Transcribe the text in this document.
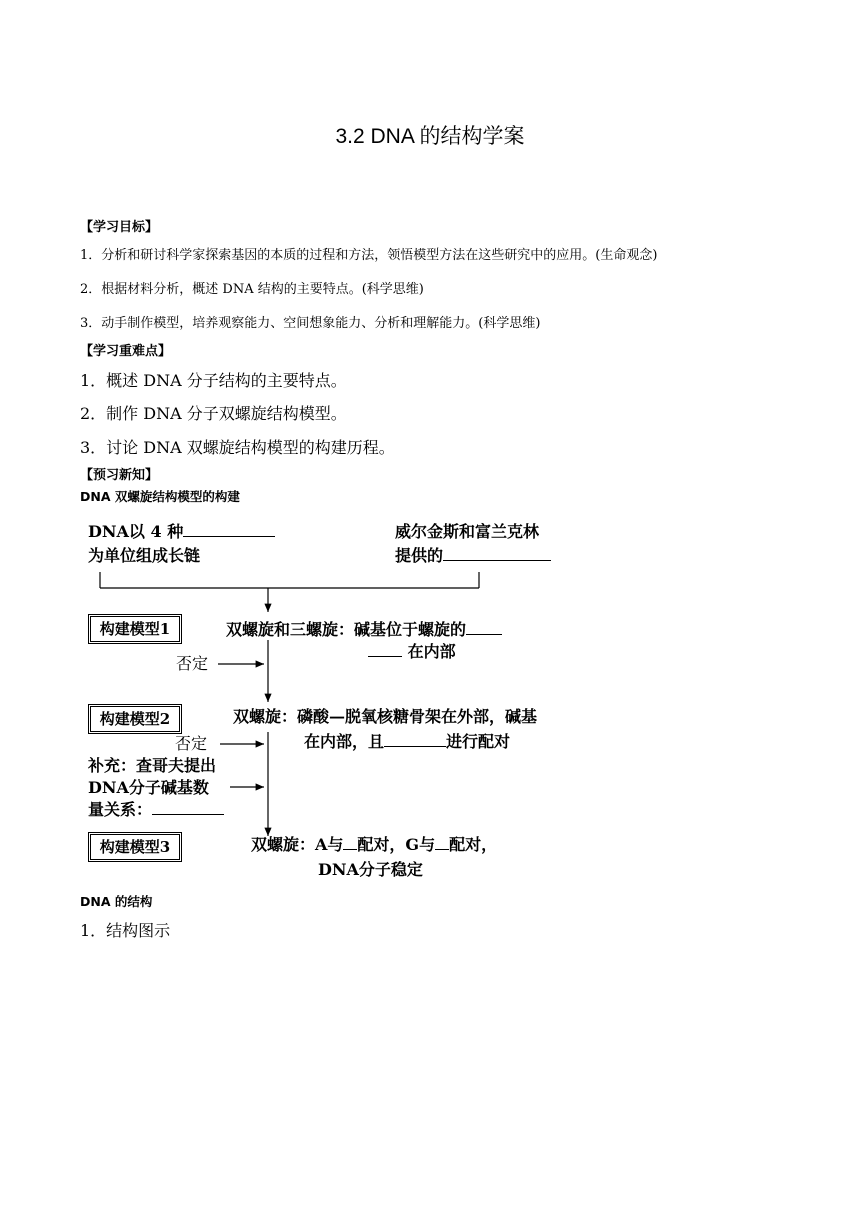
3.2 DNA 的结构学案
【学习目标】
1．分析和研讨科学家探索基因的本质的过程和方法，领悟模型方法在这些研究中的应用。(生命观念)
2．根据材料分析，概述 DNA 结构的主要特点。(科学思维)
3．动手制作模型，培养观察能力、空间想象能力、分析和理解能力。(科学思维)
【学习重难点】
1．概述 DNA 分子结构的主要特点。
2．制作 DNA 分子双螺旋结构模型。
3．讨论 DNA 双螺旋结构模型的构建历程。
【预习新知】
DNA 双螺旋结构模型的构建
DNA以 4 种
为单位组成长链
威尔金斯和富兰克林
提供的
构建模型1	双螺旋和三螺旋：碱基位于螺旋的
在内部
否定
构建模型2	双螺旋：磷酸—脱氧核糖骨架在外部，碱基
在内部，且	进行配对
否定
补充：查哥夫提出
DNA分子碱基数
量关系：
构建模型3	双螺旋：A与 配对，G与 配对，
DNA分子稳定
DNA 的结构
1．结构图示
